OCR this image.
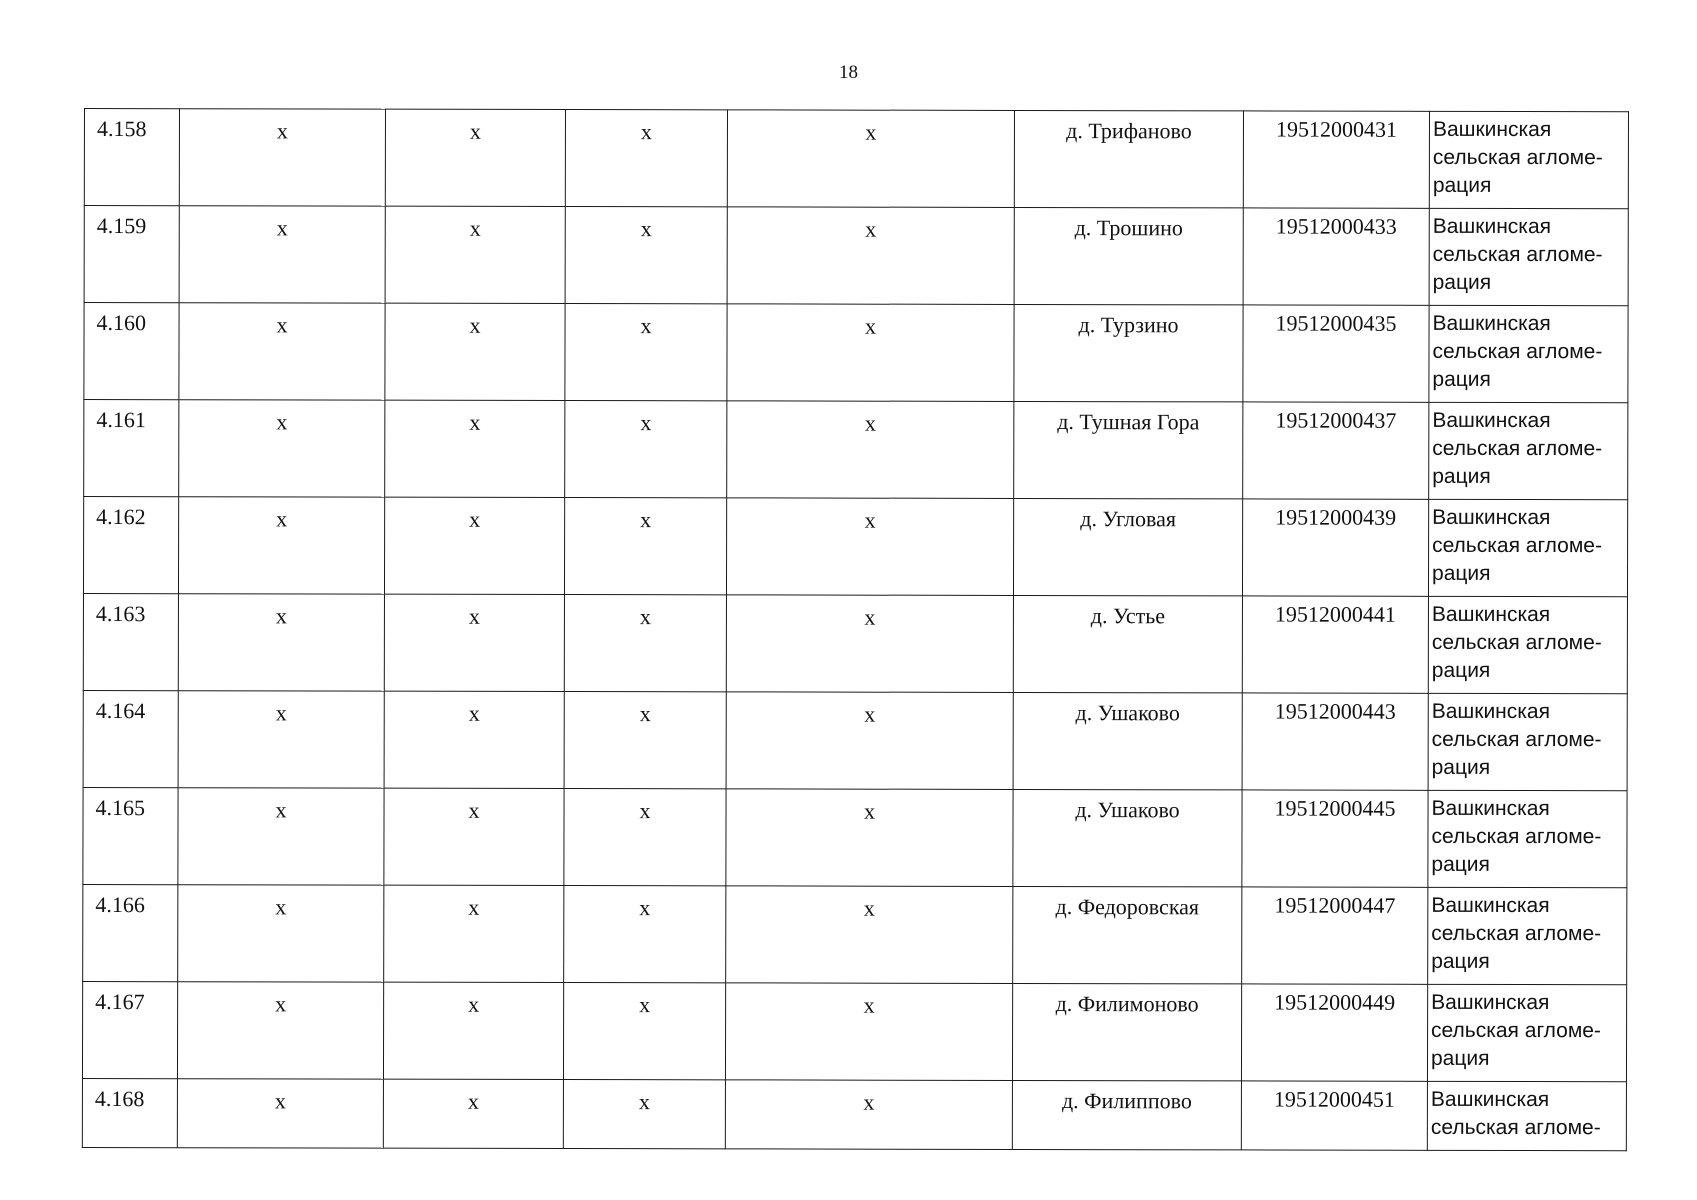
18
4.158	х	х	х	х	д. Трифаново	19512000431	Вашкинская сельская агломе-рация
4.159	х	х	х	х	д. Трошино	19512000433	Вашкинская сельская агломе-рация
4.160	х	х	х	х	д. Турзино	19512000435	Вашкинская сельская агломе-рация
4.161	х	х	х	х	д. Тушная Гора	19512000437	Вашкинская сельская агломе-рация
4.162	х	х	х	х	д. Угловая	19512000439	Вашкинская сельская агломе-рация
4.163	х	х	х	х	д. Устье	19512000441	Вашкинская сельская агломе-рация
4.164	х	х	х	х	д. Ушаково	19512000443	Вашкинская сельская агломе-рация
4.165	х	х	х	х	д. Ушаково	19512000445	Вашкинская сельская агломе-рация
4.166	х	х	х	х	д. Федоровская	19512000447	Вашкинская сельская агломе-рация
4.167	х	х	х	х	д. Филимоново	19512000449	Вашкинская сельская агломе-рация
4.168	х	х	х	х	д. Филиппово	19512000451	Вашкинская сельская агломе-
